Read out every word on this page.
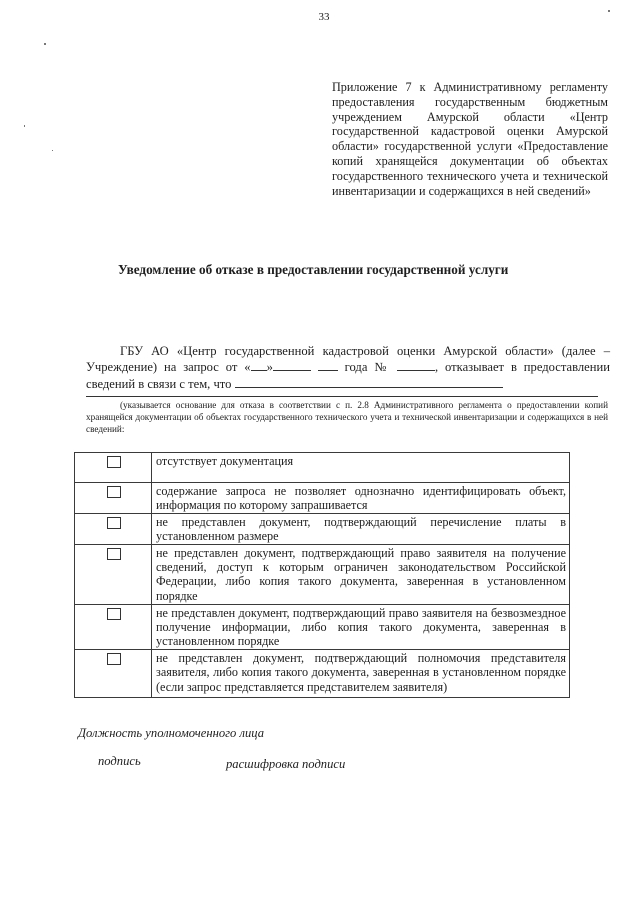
33
Приложение 7 к Административному регламенту предоставления государственным бюджетным учреждением Амурской области «Центр государственной кадастровой оценки Амурской области» государственной услуги «Предоставление копий хранящейся документации об объектах государственного технического учета и технической инвентаризации и содержащихся в ней сведений»
Уведомление об отказе в предоставлении государственной услуги
ГБУ АО «Центр государственной кадастровой оценки Амурской области» (далее – Учреждение) на запрос от « »	года №	, отказывает в предоставлении сведений в связи с тем, что
(указывается основание для отказа в соответствии с п. 2.8 Административного регламента о предоставлении копий хранящейся документации об объектах государственного технического учета и технической инвентаризации и содержащихся в ней сведений:
	отсутствует документация
	содержание запроса не позволяет однозначно идентифицировать объект, информация по которому запрашивается
	не представлен документ, подтверждающий перечисление платы в установленном размере
	не представлен документ, подтверждающий право заявителя на получение сведений, доступ к которым ограничен законодательством Российской Федерации, либо копия такого документа, заверенная в установленном порядке
	не представлен документ, подтверждающий право заявителя на безвозмездное получение информации, либо копия такого документа, заверенная в установленном порядке
	не представлен документ, подтверждающий полномочия представителя заявителя, либо копия такого документа, заверенная в установленном порядке (если запрос представляется представителем заявителя)
Должность уполномоченного лица
подпись	расшифровка подписи
